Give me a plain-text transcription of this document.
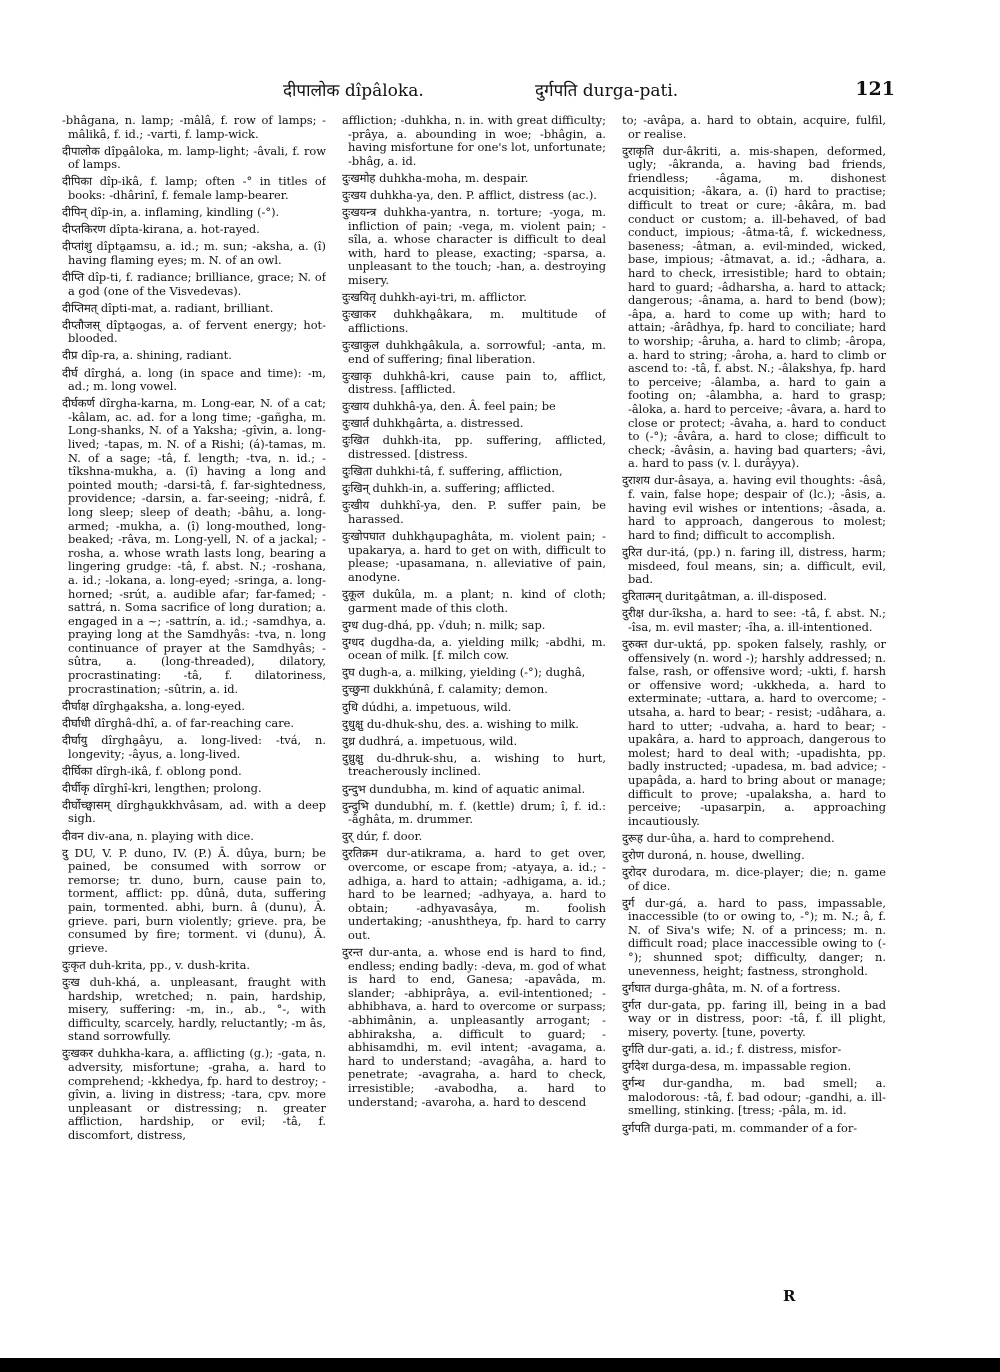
दीपालोक dîpâloka.	दुर्गपति durga-pati.	121
-bhâgana, n. lamp; -mâlâ, f. row of lamps; -mâlikâ, f. id.; -varti, f. lamp-wick.
दीपालोक dîpa̱âloka, m. lamp-light; -âvali, f. row of lamps.
दीपिका dîp-ikâ, f. lamp; often -° in titles of books: -dhârinî, f. female lamp-bearer.
दीपिन् dîp-in, a. inflaming, kindling (-°).
दीप्तकिरण dîpta-kirana, a. hot-rayed.
दीप्तांशु dîpta̱amsu, a. id.; m. sun; -aksha, a. (î) having flaming eyes; m. N. of an owl.
दीप्ति dîp-ti, f. radiance; brilliance, grace; N. of a god (one of the Visvedevas).
दीप्तिमत् dîpti-mat, a. radiant, brilliant.
दीप्तौजस् dîpta̱ogas, a. of fervent energy; hot-blooded.
दीप्र dîp-ra, a. shining, radiant.
दीर्घ dîrghá, a. long (in space and time): -m, ad.; m. long vowel.
दीर्घकर्ण dîrgha-karna, m. Long-ear, N. of a cat; -kâlam, ac. ad. for a long time; -gañgha, m. Long-shanks, N. of a Yaksha; -gîvin, a. long-lived; -tapas, m. N. of a Rishi; (á)-tamas, m. N. of a sage; -tâ, f. length; -tva, n. id.; -tîkshna-mukha, a. (î) having a long and pointed mouth; -darsi-tâ, f. far-sightedness, providence; -darsin, a. far-seeing; -nidrâ, f. long sleep; sleep of death; -bâhu, a. long-armed; -mukha, a. (î) long-mouthed, long-beaked; -râva, m. Long-yell, N. of a jackal; -rosha, a. whose wrath lasts long, bearing a lingering grudge: -tâ, f. abst. N.; -roshana, a. id.; -lokana, a. long-eyed; -sringa, a. long-horned; -srút, a. audible afar; far-famed; -sattrá, n. Soma sacrifice of long duration; a. engaged in a ~; -sattrín, a. id.; -samdhya, a. praying long at the Samdhyâs: -tva, n. long continuance of prayer at the Samdhyâs; -sûtra, a. (long-threaded), dilatory, procrastinating: -tâ, f. dilatoriness, procrastination; -sûtrin, a. id.
दीर्घाक्ष dîrgha̱aksha, a. long-eyed.
दीर्घाधी dîrghâ-dhî, a. of far-reaching care.
दीर्घायु dîrgha̱âyu, a. long-lived: -tvá, n. longevity; -âyus, a. long-lived.
दीर्घिका dîrgh-ikâ, f. oblong pond.
दीर्घीकृ dîrghî-kri, lengthen; prolong.
दीर्घोच्छ्वासम् dîrgha̱ukkhvâsam, ad. with a deep sigh.
दीवन div-ana, n. playing with dice.
दु DU, V. P. duno, IV. (P.) Â. dûya, burn; be pained, be consumed with sorrow or remorse; tr. duno, burn, cause pain to, torment, afflict: pp. dûnâ, duta, suffering pain, tormented. abhi, burn. â (dunu), Â. grieve. pari, burn violently; grieve. pra, be consumed by fire; torment. vi (dunu), Â. grieve.
दुःकृत duh-krita, pp., v. dush-krita.
दुःख duh-khá, a. unpleasant, fraught with hardship, wretched; n. pain, hardship, misery, suffering: -m, in., ab., °-, with difficulty, scarcely, hardly, reluctantly; -m âs, stand sorrowfully.
दुःखकर duhkha-kara, a. afflicting (g.); -gata, n. adversity, misfortune; -graha, a. hard to comprehend; -kkhedya, fp. hard to destroy; -gîvin, a. living in distress; -tara, cpv. more unpleasant or distressing; n. greater affliction, hardship, or evil; -tâ, f. discomfort, distress,
affliction; -duhkha, n. in. with great difficulty; -prâya, a. abounding in woe; -bhâgin, a. having misfortune for one's lot, unfortunate; -bhâg, a. id.
दुःखमोह duhkha-moha, m. despair.
दुःखय duhkha-ya, den. P. afflict, distress (ac.).
दुःखयन्त्र duhkha-yantra, n. torture; -yoga, m. infliction of pain; -vega, m. violent pain; -sîla, a. whose character is difficult to deal with, hard to please, exacting; -sparsa, a. unpleasant to the touch; -han, a. destroying misery.
दुःखयितृ duhkh-ayi-tri, m. afflictor.
दुःखाकर duhkha̱âkara, m. multitude of afflictions.
दुःखाकुल duhkha̱âkula, a. sorrowful; -anta, m. end of suffering; final liberation.
दुःखाकृ duhkhâ-kri, cause pain to, afflict, distress. [afflicted.
दुःखाय duhkhâ-ya, den. Â. feel pain; be
दुःखार्त duhkha̱ârta, a. distressed.
दुःखित duhkh-ita, pp. suffering, afflicted, distressed. [distress.
दुःखिता duhkhi-tâ, f. suffering, affliction,
दुःखिन् duhkh-in, a. suffering; afflicted.
दुःखीय duhkhî-ya, den. P. suffer pain, be harassed.
दुःखोपघात duhkha̱upaghâta, m. violent pain; -upakarya, a. hard to get on with, difficult to please; -upasamana, n. alleviative of pain, anodyne.
दुकूल dukûla, m. a plant; n. kind of cloth; garment made of this cloth.
दुग्ध dug-dhá, pp. √duh; n. milk; sap.
दुग्धद dugdha-da, a. yielding milk; -abdhi, m. ocean of milk. [f. milch cow.
दुघ dugh-a, a. milking, yielding (-°); dughâ,
दुच्छुना dukkhúnâ, f. calamity; demon.
दुधि dúdhi, a. impetuous, wild.
दुधुक्षु du-dhuk-shu, des. a. wishing to milk.
दुध्र dudhrá, a. impetuous, wild.
दुध्रुक्षु du-dhruk-shu, a. wishing to hurt, treacherously inclined.
दुन्दुभ dundubha, m. kind of aquatic animal.
दुन्दुभि dundubhí, m. f. (kettle) drum; î, f. id.: -âghâta, m. drummer.
दुर् dúr, f. door.
दुरतिक्रम dur-atikrama, a. hard to get over, overcome, or escape from; -atyaya, a. id.; -adhiga, a. hard to attain; -adhigama, a. id.; hard to be learned; -adhyaya, a. hard to obtain; -adhyavasâya, m. foolish undertaking; -anushtheya, fp. hard to carry out.
दुरन्त dur-anta, a. whose end is hard to find, endless; ending badly: -deva, m. god of what is hard to end, Ganesa; -apavâda, m. slander; -abhiprâya, a. evil-intentioned; -abhibhava, a. hard to overcome or surpass; -abhimânin, a. unpleasantly arrogant; -abhiraksha, a. difficult to guard; -abhisamdhi, m. evil intent; -avagama, a. hard to understand; -avagâha, a. hard to penetrate; -avagraha, a. hard to check, irresistible; -avabodha, a. hard to understand; -avaroha, a. hard to descend
to; -avâpa, a. hard to obtain, acquire, fulfil, or realise.
दुराकृति dur-âkriti, a. mis-shapen, deformed, ugly; -âkranda, a. having bad friends, friendless; -âgama, m. dishonest acquisition; -âkara, a. (î) hard to practise; difficult to treat or cure; -âkâra, m. bad conduct or custom; a. ill-behaved, of bad conduct, impious; -âtma-tâ, f. wickedness, baseness; -âtman, a. evil-minded, wicked, base, impious; -âtmavat, a. id.; -âdhara, a. hard to check, irresistible; hard to obtain; hard to guard; -âdharsha, a. hard to attack; dangerous; -ânama, a. hard to bend (bow); -âpa, a. hard to come up with; hard to attain; -ârâdhya, fp. hard to conciliate; hard to worship; -âruha, a. hard to climb; -âropa, a. hard to string; -âroha, a. hard to climb or ascend to: -tâ, f. abst. N.; -âlakshya, fp. hard to perceive; -âlamba, a. hard to gain a footing on; -âlambha, a. hard to grasp; -âloka, a. hard to perceive; -âvara, a. hard to close or protect; -âvaha, a. hard to conduct to (-°); -âvâra, a. hard to close; difficult to check; -âvâsin, a. having bad quarters; -âvi, a. hard to pass (v. l. durâyya).
दुराशय dur-âsaya, a. having evil thoughts: -âsâ, f. vain, false hope; despair of (lc.); -âsis, a. having evil wishes or intentions; -âsada, a. hard to approach, dangerous to molest; hard to find; difficult to accomplish.
दुरित dur-itá, (pp.) n. faring ill, distress, harm; misdeed, foul means, sin; a. difficult, evil, bad.
दुरितात्मन् durita̱âtman, a. ill-disposed.
दुरीक्ष dur-îksha, a. hard to see: -tâ, f. abst. N.; -îsa, m. evil master; -îha, a. ill-intentioned.
दुरुक्त dur-uktá, pp. spoken falsely, rashly, or offensively (n. word -); harshly addressed; n. false, rash, or offensive word; -ukti, f. harsh or offensive word; -ukkheda, a. hard to exterminate; -uttara, a. hard to overcome; -utsaha, a. hard to bear; - resist; -udâhara, a. hard to utter; -udvaha, a. hard to bear; -upakâra, a. hard to approach, dangerous to molest; hard to deal with; -upadishta, pp. badly instructed; -upadesa, m. bad advice; -upapâda, a. hard to bring about or manage; difficult to prove; -upalaksha, a. hard to perceive; -upasarpin, a. approaching incautiously.
दुरूह dur-ûha, a. hard to comprehend.
दुरोण duroná, n. house, dwelling.
दुरोदर durodara, m. dice-player; die; n. game of dice.
दुर्ग dur-gá, a. hard to pass, impassable, inaccessible (to or owing to, -°); m. N.; â, f. N. of Siva's wife; N. of a princess; m. n. difficult road; place inaccessible owing to (-°); shunned spot; difficulty, danger; n. unevenness, height; fastness, stronghold.
दुर्गघात durga-ghâta, m. N. of a fortress.
दुर्गत dur-gata, pp. faring ill, being in a bad way or in distress, poor: -tâ, f. ill plight, misery, poverty. [tune, poverty.
दुर्गति dur-gati, a. id.; f. distress, misfor-
दुर्गदेश durga-desa, m. impassable region.
दुर्गन्ध dur-gandha, m. bad smell; a. malodorous: -tâ, f. bad odour; -gandhi, a. ill-smelling, stinking. [tress; -pâla, m. id.
दुर्गपति durga-pati, m. commander of a for-
R
